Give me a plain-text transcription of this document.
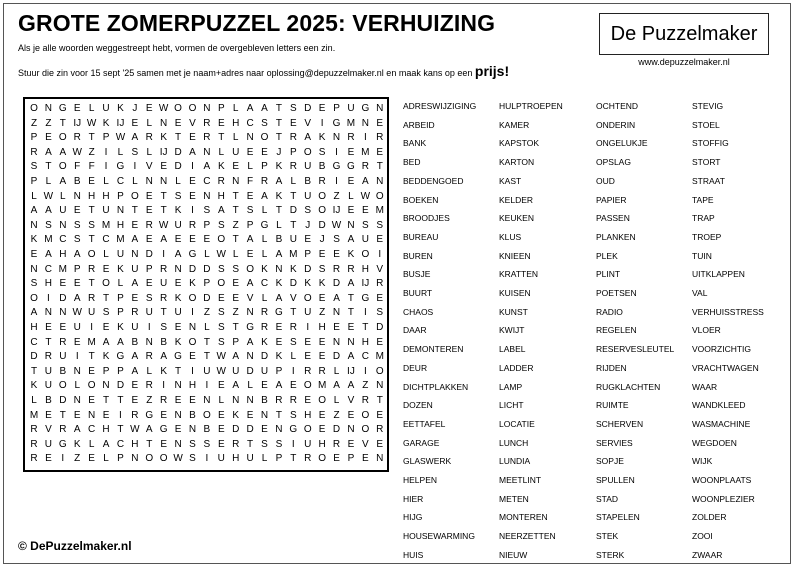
GROTE ZOMERPUZZEL 2025: VERHUIZING
Als je alle woorden weggestreept hebt, vormen de overgebleven letters een zin.
Stuur die zin voor 15 sept '25 samen met je naam+adres naar oplossing@depuzzelmaker.nl en maak kans op een prijs!
De Puzzelmaker
www.depuzzelmaker.nl
O N G E L U K J E W O O N P L A A T S D E P U G N
Z Z T IJ W K IJ E L N E V R E H C S T E V I G M N E
P E O R T P W A R K T E R T L N O T R A K N R I R
R A A W Z I	L S L IJ D A N L U E E J P O S I E M E
S T O F F I G I V E D I A K E L P K R U B G G R T
P L A B E L C L N N L E C R N F R A L B R I E A N
L W L N H H P O E T S E N H T E A K T U O Z L W O
A A U E T U N T E T K I S A T S L T D S O IJ E E M
N S N S S M H E R W U R P S Z P G L T J D W N S S
K M C S T C M A E A E E E O T A L B U E J S A U E
E A H A O L U N D I A G L W L E L A M P E E K O I
N C M P R E K U P R N D D S S O K N K D S R R H V
S H E E T O L A E U E K P O E A C K D K K D A IJ R
O I D A R T P E S R K O D E E V L A V O E A T G E
A N N W U S P R U T U I Z S Z N R G T U Z N T I S
H E E U I E K U I S E N L S T G R E R I H E E T D
C T R E M A A B N B K O T S P A K E S E E N N H E
D R U I T K G A R A G E T W A N D K L E E D A C M
T U B N E P P A L K T I U W U D U P I R R L IJ I O
K U O L O N D E R I N H I E A L E A E O M A A Z N
L B D N E T T E Z R E E N L N N B R R E O L V R T
M E T E N E I R G E N B O E K E N T S H E Z E O E
R V R A C H T W A G E N B E D D E N G O E D N O R
R U G K L A C H T E N S S E R T S S I U H R E V E
R E I Z E L P N O O W S I U H U L P T R O E P E N
ADRESWIJZIGING
ARBEID
BANK
BED
BEDDENGOED
BOEKEN
BROODJES
BUREAU
BUREN
BUSJE
BUURT
CHAOS
DAAR
DEMONTEREN
DEUR
DICHTPLAKKEN
DOZEN
EETTAFEL
GARAGE
GLASWERK
HELPEN
HIER
HIJG
HOUSEWARMING
HUIS
HULPTROEPEN
KAMER
KAPSTOK
KARTON
KAST
KELDER
KEUKEN
KLUS
KNIEEN
KRATTEN
KUISEN
KUNST
KWIJT
LABEL
LADDER
LAMP
LICHT
LOCATIE
LUNCH
LUNDIA
MEETLINT
METEN
MONTEREN
NEERZETTEN
NIEUW
OCHTEND
ONDERIN
ONGELUKJE
OPSLAG
OUD
PAPIER
PASSEN
PLANKEN
PLEK
PLINT
POETSEN
RADIO
REGELEN
RESERVESLEUTEL
RIJDEN
RUGKLACHTEN
RUIMTE
SCHERVEN
SERVIES
SOPJE
SPULLEN
STAD
STAPELEN
STEK
STERK
STEVIG
STOEL
STOFFIG
STORT
STRAAT
TAPE
TRAP
TROEP
TUIN
UITKLAPPEN
VAL
VERHUISSTRESS
VLOER
VOORZICHTIG
VRACHTWAGEN
WAAR
WANDKLEED
WASMACHINE
WEGDOEN
WIJK
WOONPLAATS
WOONPLEZIER
ZOLDER
ZOOI
ZWAAR
© DePuzzelmaker.nl
